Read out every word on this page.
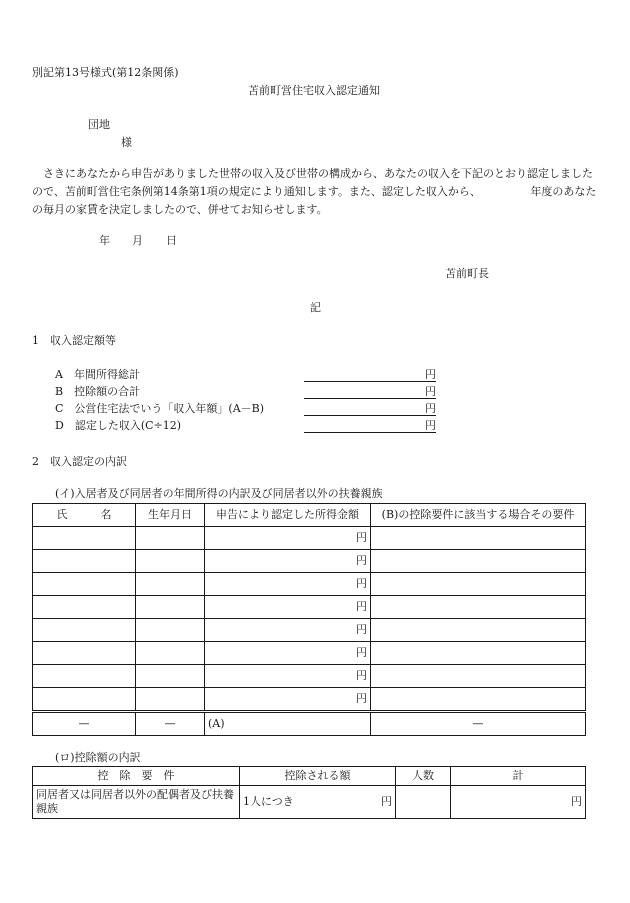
別記第13号様式(第12条関係)
苫前町営住宅収入認定通知
団地
様
さきにあなたから申告がありました世帯の収入及び世帯の構成から、あなたの収入を下記のとおり認定しましたので、苫前町営住宅条例第14条第1項の規定により通知します。また、認定した収入から、　　　　　年度のあなたの毎月の家賃を決定しましたので、併せてお知らせします。
年 月 日
苫前町長
記
1　収入認定額等
A　年間所得総計	円
B　控除額の合計	円
C　公営住宅法でいう「収入年額」(A－B)	円
D　認定した収入(C÷12)	円
2　収入認定の内訳
(イ)入居者及び同居者の年間所得の内訳及び同居者以外の扶養親族
氏　　　名	生年月日	申告により認定した所得金額	(B)の控除要件に該当する場合その要件
		円	
		円	
		円	
		円	
		円	
		円	
		円	
		円	
—	—	(A)	—
(ロ)控除額の内訳
控　除　要　件	控除される額	人数	計
同居者又は同居者以外の配偶者及び扶養親族	1人につき 円		円
